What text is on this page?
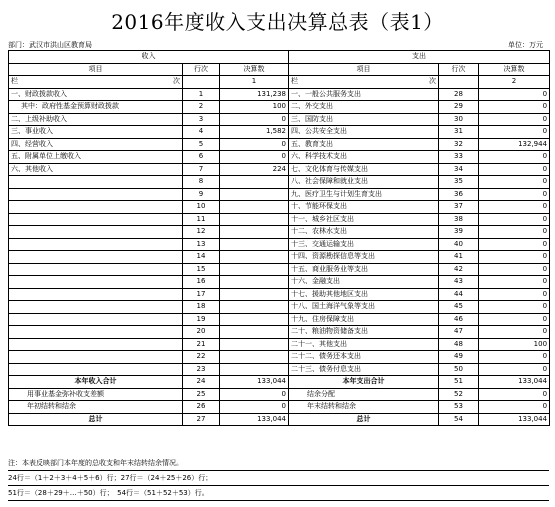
2016年度收入支出决算总表（表1）
部门：武汉市洪山区教育局	单位：万元
收入			支出		
项目	行次	决算数	项目	行次	决算数

栏 次		1	栏 次		2
一、财政拨款收入	1	131,238	一、一般公共服务支出	28	0
其中：政府性基金预算财政拨款	2	100	二、外交支出	29	0
二、上级补助收入	3	0	三、国防支出	30	0
三、事业收入	4	1,582	四、公共安全支出	31	0
四、经营收入	5	0	五、教育支出	32	132,944
五、附属单位上缴收入	6	0	六、科学技术支出	33	0
六、其他收入	7	224	七、文化体育与传媒支出	34	0
	8		八、社会保障和就业支出	35	0
	9		九、医疗卫生与计划生育支出	36	0
	10		十、节能环保支出	37	0
	11		十一、城乡社区支出	38	0
	12		十二、农林水支出	39	0
	13		十三、交通运输支出	40	0
	14		十四、资源勘探信息等支出	41	0
	15		十五、商业服务业等支出	42	0
	16		十六、金融支出	43	0
	17		十七、援助其他地区支出	44	0
	18		十八、国土海洋气象等支出	45	0
	19		十九、住房保障支出	46	0
	20		二十、粮油物资储备支出	47	0
	21		二十一、其他支出	48	100
	22		二十二、债务还本支出	49	0
	23		二十三、债务付息支出	50	0
本年收入合计	24	133,044	本年支出合计	51	133,044
用事业基金弥补收支差额	25	0	结余分配	52	0
年初结转和结余	26	0	年末结转和结余	53	0
总计	27	133,044	总计	54	133,044
注：本表反映部门本年度的总收支和年末结转结余情况。
24行＝（1＋2＋3＋4＋5＋6）行；27行＝（24＋25＋26）行；
51行＝（28＋29＋…＋50）行；　54行＝（51＋52＋53）行。
